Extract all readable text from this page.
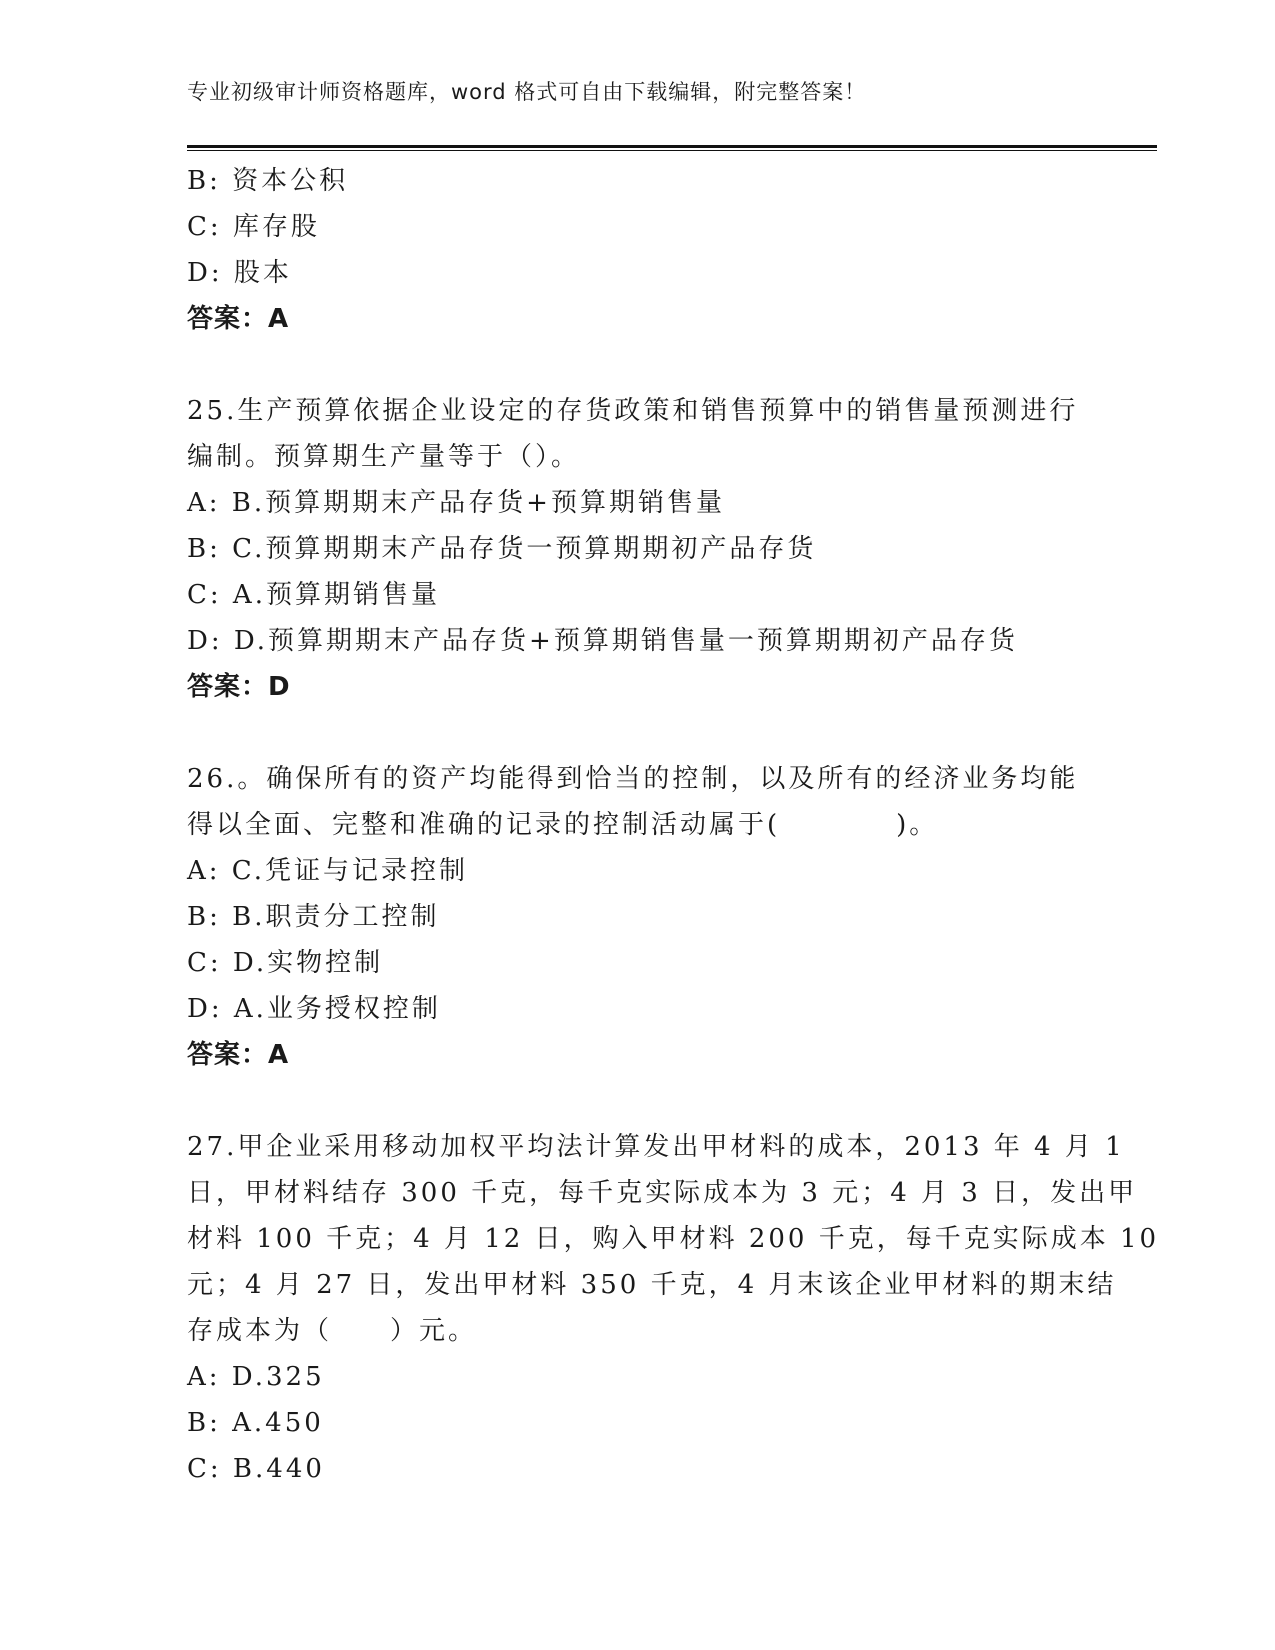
专业初级审计师资格题库，word 格式可自由下载编辑，附完整答案！
B: 资本公积
C: 库存股
D: 股本
答案：A
25.生产预算依据企业设定的存货政策和销售预算中的销售量预测进行
编制。预算期生产量等于（）。
A: B.预算期期末产品存货+预算期销售量
B: C.预算期期末产品存货一预算期期初产品存货
C: A.预算期销售量
D: D.预算期期末产品存货+预算期销售量一预算期期初产品存货
答案：D
26.。确保所有的资产均能得到恰当的控制，以及所有的经济业务均能
得以全面、完整和准确的记录的控制活动属于(　　　　)。
A: C.凭证与记录控制
B: B.职责分工控制
C: D.实物控制
D: A.业务授权控制
答案：A
27.甲企业采用移动加权平均法计算发出甲材料的成本，2013 年 4 月 1
日，甲材料结存 300 千克，每千克实际成本为 3 元；4 月 3 日，发出甲
材料 100 千克；4 月 12 日，购入甲材料 200 千克，每千克实际成本 10
元；4 月 27 日，发出甲材料 350 千克，4 月末该企业甲材料的期末结
存成本为（　　）元。
A: D.325
B: A.450
C: B.440
